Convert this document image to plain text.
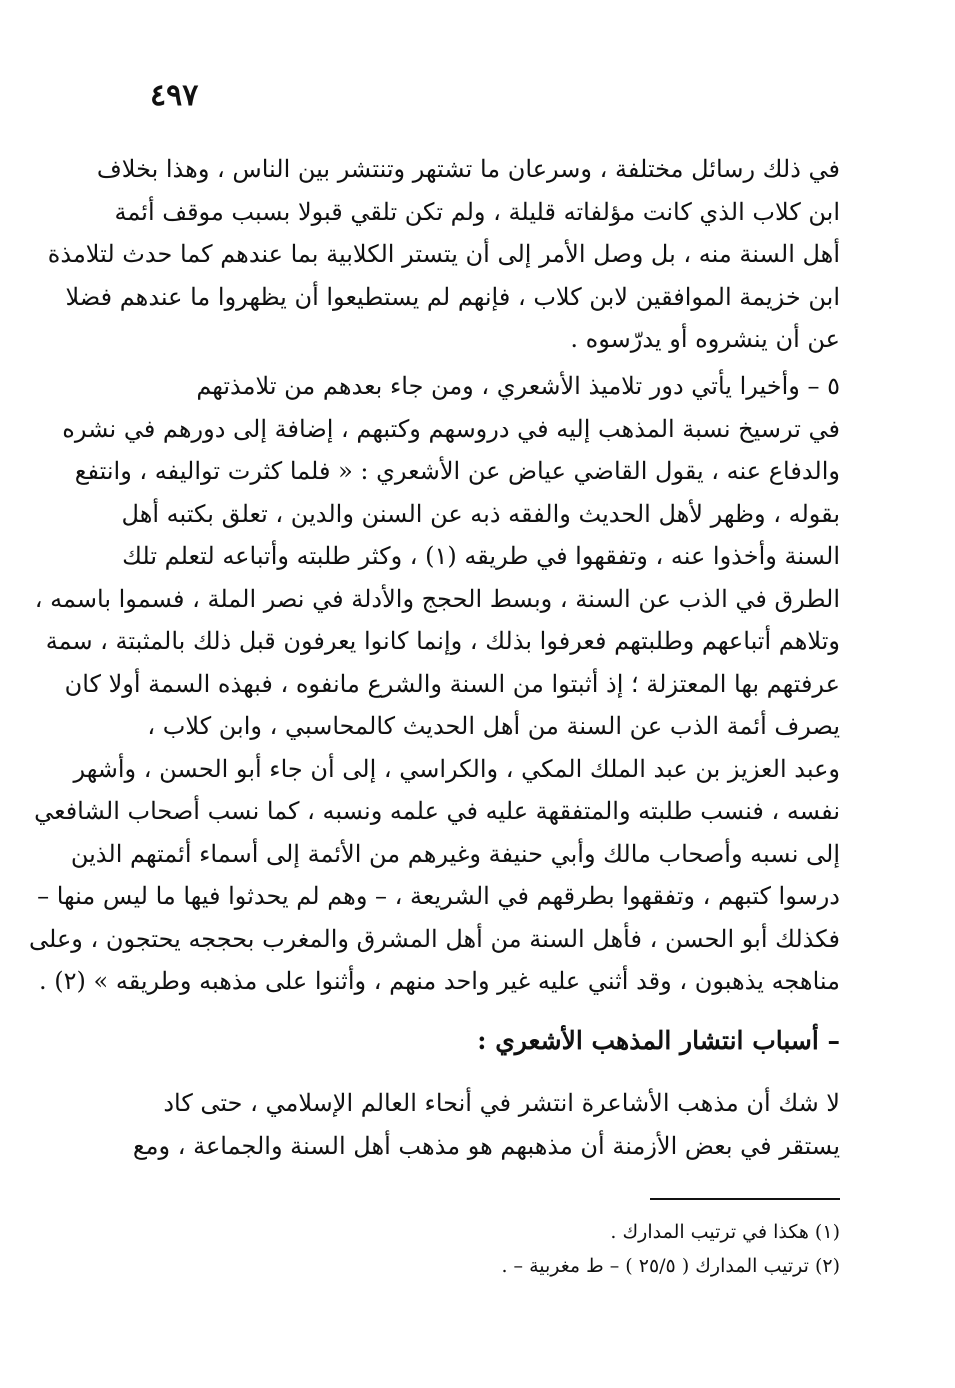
٤٩٧
في ذلك رسائل مختلفة ، وسرعان ما تشتهر وتنتشر بين الناس ، وهذا بخلاف
ابن كلاب الذي كانت مؤلفاته قليلة ، ولم تكن تلقي قبولا بسبب موقف أئمة
أهل السنة منه ، بل وصل الأمر إلى أن يتستر الكلابية بما عندهم كما حدث لتلامذة
ابن خزيمة الموافقين لابن كلاب ، فإنهم لم يستطيعوا أن يظهروا ما عندهم فضلا
عن أن ينشروه أو يدرّسوه .
٥ – وأخيرا يأتي دور تلاميذ الأشعري ، ومن جاء بعدهم من تلامذتهم
في ترسيخ نسبة المذهب إليه في دروسهم وكتبهم ، إضافة إلى دورهم في نشره
والدفاع عنه ، يقول القاضي عياض عن الأشعري : « فلما كثرت تواليفه ، وانتفع
بقوله ، وظهر لأهل الحديث والفقه ذبه عن السنن والدين ، تعلق بكتبه أهل
السنة وأخذوا عنه ، وتفقهوا في طريقه (١) ، وكثر طلبته وأتباعه لتعلم تلك
الطرق في الذب عن السنة ، وبسط الحجج والأدلة في نصر الملة ، فسموا باسمه ،
وتلاهم أتباعهم وطلبتهم فعرفوا بذلك ، وإنما كانوا يعرفون قبل ذلك بالمثبتة ، سمة
عرفتهم بها المعتزلة ؛ إذ أثبتوا من السنة والشرع مانفوه ، فبهذه السمة أولا كان
يصرف أئمة الذب عن السنة من أهل الحديث كالمحاسبي ، وابن كلاب ،
وعبد العزيز بن عبد الملك المكي ، والكراسي ، إلى أن جاء أبو الحسن ، وأشهر
نفسه ، فنسب طلبته والمتفقهة عليه في علمه ونسبه ، كما نسب أصحاب الشافعي
إلى نسبه وأصحاب مالك وأبي حنيفة وغيرهم من الأئمة إلى أسماء أئمتهم الذين
درسوا كتبهم ، وتفقهوا بطرقهم في الشريعة ، – وهم لم يحدثوا فيها ما ليس منها –
فكذلك أبو الحسن ، فأهل السنة من أهل المشرق والمغرب بحججه يحتجون ، وعلى
مناهجه يذهبون ، وقد أثني عليه غير واحد منهم ، وأثنوا على مذهبه وطريقه » (٢) .
– أسباب انتشار المذهب الأشعري :
لا شك أن مذهب الأشاعرة انتشر في أنحاء العالم الإسلامي ، حتى كاد
يستقر في بعض الأزمنة أن مذهبهم هو مذهب أهل السنة والجماعة ، ومع
(١) هكذا في ترتيب المدارك .
(٢) ترتيب المدارك ( ٢٥/٥ ) – ط مغربية – .
